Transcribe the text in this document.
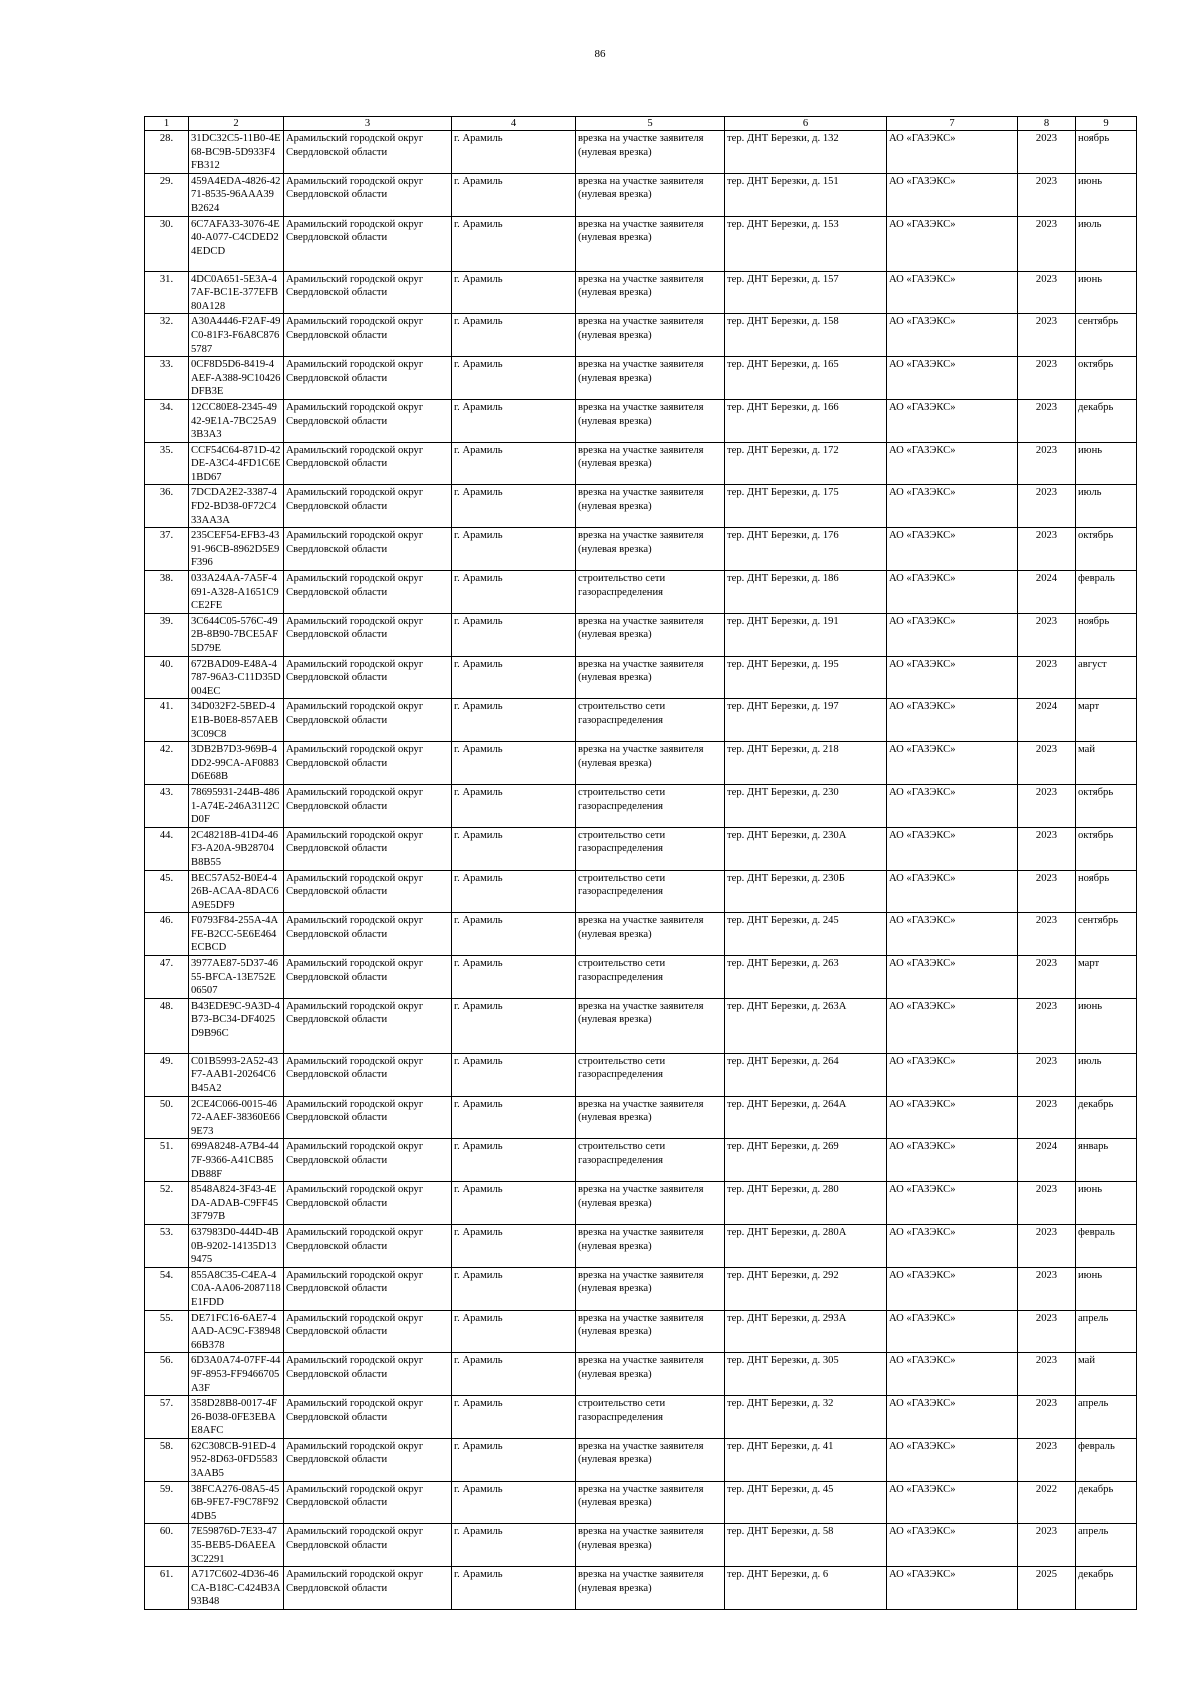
86
1	2	3	4	5	6	7	8	9
28.	31DC32C5-11B0-4E68-BC9B-5D933F4FB312	Арамильский городской округ Свердловской области	г. Арамиль	врезка на участке заявителя (нулевая врезка)	тер. ДНТ Березки, д. 132	АО «ГАЗЭКС»	2023	ноябрь
29.	459A4EDA-4826-4271-8535-96AAA39B2624	Арамильский городской округ Свердловской области	г. Арамиль	врезка на участке заявителя (нулевая врезка)	тер. ДНТ Березки, д. 151	АО «ГАЗЭКС»	2023	июнь
30.	6C7AFA33-3076-4E40-A077-C4CDED24EDCD	Арамильский городской округ Свердловской области	г. Арамиль	врезка на участке заявителя (нулевая врезка)	тер. ДНТ Березки, д. 153	АО «ГАЗЭКС»	2023	июль
31.	4DC0A651-5E3A-47AF-BC1E-377EFB80A128	Арамильский городской округ Свердловской области	г. Арамиль	врезка на участке заявителя (нулевая врезка)	тер. ДНТ Березки, д. 157	АО «ГАЗЭКС»	2023	июнь
32.	A30A4446-F2AF-49C0-81F3-F6A8C8765787	Арамильский городской округ Свердловской области	г. Арамиль	врезка на участке заявителя (нулевая врезка)	тер. ДНТ Березки, д. 158	АО «ГАЗЭКС»	2023	сентябрь
33.	0CF8D5D6-8419-4AEF-A388-9C10426DFB3E	Арамильский городской округ Свердловской области	г. Арамиль	врезка на участке заявителя (нулевая врезка)	тер. ДНТ Березки, д. 165	АО «ГАЗЭКС»	2023	октябрь
34.	12CC80E8-2345-4942-9E1A-7BC25A93B3A3	Арамильский городской округ Свердловской области	г. Арамиль	врезка на участке заявителя (нулевая врезка)	тер. ДНТ Березки, д. 166	АО «ГАЗЭКС»	2023	декабрь
35.	CCF54C64-871D-42DE-A3C4-4FD1C6E1BD67	Арамильский городской округ Свердловской области	г. Арамиль	врезка на участке заявителя (нулевая врезка)	тер. ДНТ Березки, д. 172	АО «ГАЗЭКС»	2023	июнь
36.	7DCDA2E2-3387-4FD2-BD38-0F72C433AA3A	Арамильский городской округ Свердловской области	г. Арамиль	врезка на участке заявителя (нулевая врезка)	тер. ДНТ Березки, д. 175	АО «ГАЗЭКС»	2023	июль
37.	235CEF54-EFB3-4391-96CB-8962D5E9F396	Арамильский городской округ Свердловской области	г. Арамиль	врезка на участке заявителя (нулевая врезка)	тер. ДНТ Березки, д. 176	АО «ГАЗЭКС»	2023	октябрь
38.	033A24AA-7A5F-4691-A328-A1651C9CE2FE	Арамильский городской округ Свердловской области	г. Арамиль	строительство сети газораспределения	тер. ДНТ Березки, д. 186	АО «ГАЗЭКС»	2024	февраль
39.	3C644C05-576C-492B-8B90-7BCE5AF5D79E	Арамильский городской округ Свердловской области	г. Арамиль	врезка на участке заявителя (нулевая врезка)	тер. ДНТ Березки, д. 191	АО «ГАЗЭКС»	2023	ноябрь
40.	672BAD09-E48A-4787-96A3-C11D35D004EC	Арамильский городской округ Свердловской области	г. Арамиль	врезка на участке заявителя (нулевая врезка)	тер. ДНТ Березки, д. 195	АО «ГАЗЭКС»	2023	август
41.	34D032F2-5BED-4E1B-B0E8-857AEB3C09C8	Арамильский городской округ Свердловской области	г. Арамиль	строительство сети газораспределения	тер. ДНТ Березки, д. 197	АО «ГАЗЭКС»	2024	март
42.	3DB2B7D3-969B-4DD2-99CA-AF0883D6E68B	Арамильский городской округ Свердловской области	г. Арамиль	врезка на участке заявителя (нулевая врезка)	тер. ДНТ Березки, д. 218	АО «ГАЗЭКС»	2023	май
43.	78695931-244B-4861-A74E-246A3112CD0F	Арамильский городской округ Свердловской области	г. Арамиль	строительство сети газораспределения	тер. ДНТ Березки, д. 230	АО «ГАЗЭКС»	2023	октябрь
44.	2C48218B-41D4-46F3-A20A-9B28704B8B55	Арамильский городской округ Свердловской области	г. Арамиль	строительство сети газораспределения	тер. ДНТ Березки, д. 230А	АО «ГАЗЭКС»	2023	октябрь
45.	BEC57A52-B0E4-426B-ACAA-8DAC6A9E5DF9	Арамильский городской округ Свердловской области	г. Арамиль	строительство сети газораспределения	тер. ДНТ Березки, д. 230Б	АО «ГАЗЭКС»	2023	ноябрь
46.	F0793F84-255A-4AFE-B2CC-5E6E464ECBCD	Арамильский городской округ Свердловской области	г. Арамиль	врезка на участке заявителя (нулевая врезка)	тер. ДНТ Березки, д. 245	АО «ГАЗЭКС»	2023	сентябрь
47.	3977AE87-5D37-4655-BFCA-13E752E06507	Арамильский городской округ Свердловской области	г. Арамиль	строительство сети газораспределения	тер. ДНТ Березки, д. 263	АО «ГАЗЭКС»	2023	март
48.	B43EDE9C-9A3D-4B73-BC34-DF4025D9B96C	Арамильский городской округ Свердловской области	г. Арамиль	врезка на участке заявителя (нулевая врезка)	тер. ДНТ Березки, д. 263А	АО «ГАЗЭКС»	2023	июнь
49.	C01B5993-2A52-43F7-AAB1-20264C6B45A2	Арамильский городской округ Свердловской области	г. Арамиль	строительство сети газораспределения	тер. ДНТ Березки, д. 264	АО «ГАЗЭКС»	2023	июль
50.	2CE4C066-0015-4672-AAEF-38360E669E73	Арамильский городской округ Свердловской области	г. Арамиль	врезка на участке заявителя (нулевая врезка)	тер. ДНТ Березки, д. 264А	АО «ГАЗЭКС»	2023	декабрь
51.	699A8248-A7B4-447F-9366-A41CB85DB88F	Арамильский городской округ Свердловской области	г. Арамиль	строительство сети газораспределения	тер. ДНТ Березки, д. 269	АО «ГАЗЭКС»	2024	январь
52.	8548A824-3F43-4EDA-ADAB-C9FF453F797B	Арамильский городской округ Свердловской области	г. Арамиль	врезка на участке заявителя (нулевая врезка)	тер. ДНТ Березки, д. 280	АО «ГАЗЭКС»	2023	июнь
53.	637983D0-444D-4B0B-9202-14135D139475	Арамильский городской округ Свердловской области	г. Арамиль	врезка на участке заявителя (нулевая врезка)	тер. ДНТ Березки, д. 280А	АО «ГАЗЭКС»	2023	февраль
54.	855A8C35-C4EA-4C0A-AA06-2087118E1FDD	Арамильский городской округ Свердловской области	г. Арамиль	врезка на участке заявителя (нулевая врезка)	тер. ДНТ Березки, д. 292	АО «ГАЗЭКС»	2023	июнь
55.	DE71FC16-6AE7-4AAD-AC9C-F3894866B378	Арамильский городской округ Свердловской области	г. Арамиль	врезка на участке заявителя (нулевая врезка)	тер. ДНТ Березки, д. 293А	АО «ГАЗЭКС»	2023	апрель
56.	6D3A0A74-07FF-449F-8953-FF9466705A3F	Арамильский городской округ Свердловской области	г. Арамиль	врезка на участке заявителя (нулевая врезка)	тер. ДНТ Березки, д. 305	АО «ГАЗЭКС»	2023	май
57.	358D28B8-0017-4F26-B038-0FE3EBAE8AFC	Арамильский городской округ Свердловской области	г. Арамиль	строительство сети газораспределения	тер. ДНТ Березки, д. 32	АО «ГАЗЭКС»	2023	апрель
58.	62C308CB-91ED-4952-8D63-0FD55833AAB5	Арамильский городской округ Свердловской области	г. Арамиль	врезка на участке заявителя (нулевая врезка)	тер. ДНТ Березки, д. 41	АО «ГАЗЭКС»	2023	февраль
59.	38FCA276-08A5-456B-9FE7-F9C78F924DB5	Арамильский городской округ Свердловской области	г. Арамиль	врезка на участке заявителя (нулевая врезка)	тер. ДНТ Березки, д. 45	АО «ГАЗЭКС»	2022	декабрь
60.	7E59876D-7E33-4735-BEB5-D6AEEA3C2291	Арамильский городской округ Свердловской области	г. Арамиль	врезка на участке заявителя (нулевая врезка)	тер. ДНТ Березки, д. 58	АО «ГАЗЭКС»	2023	апрель
61.	A717C602-4D36-46CA-B18C-C424B3A93B48	Арамильский городской округ Свердловской области	г. Арамиль	врезка на участке заявителя (нулевая врезка)	тер. ДНТ Березки, д. 6	АО «ГАЗЭКС»	2025	декабрь
